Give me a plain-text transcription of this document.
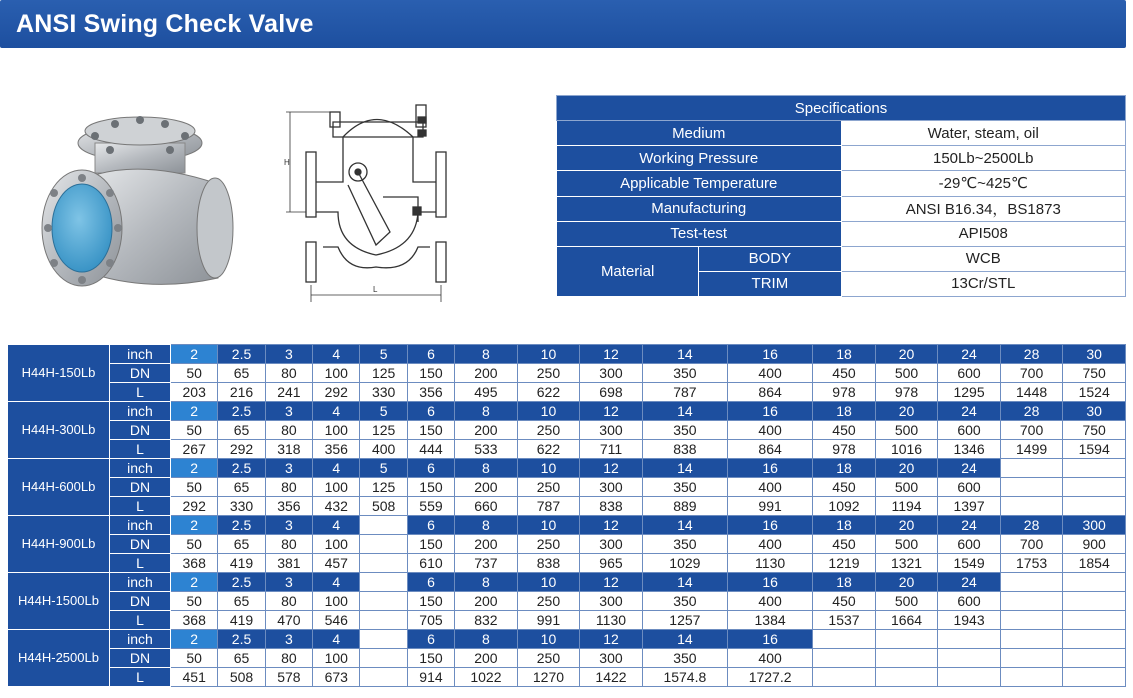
ANSI Swing Check Valve
H
L
Specifications		
Medium		Water, steam, oil
Working Pressure		150Lb~2500Lb
Applicable Temperature		-29℃~425℃
Manufacturing		ANSI B16.34，BS1873
Test-test		API508
Material	BODY	WCB
	TRIM	13Cr/STL
H44H-150Lb	inch	2	2.5	3	4	5	6	8	10	12	14	16	18	20	24	28	30
	DN	50	65	80	100	125	150	200	250	300	350	400	450	500	600	700	750
	L	203	216	241	292	330	356	495	622	698	787	864	978	978	1295	1448	1524
H44H-300Lb	inch	2	2.5	3	4	5	6	8	10	12	14	16	18	20	24	28	30
	DN	50	65	80	100	125	150	200	250	300	350	400	450	500	600	700	750
	L	267	292	318	356	400	444	533	622	711	838	864	978	1016	1346	1499	1594
H44H-600Lb	inch	2	2.5	3	4	5	6	8	10	12	14	16	18	20	24		
	DN	50	65	80	100	125	150	200	250	300	350	400	450	500	600		
	L	292	330	356	432	508	559	660	787	838	889	991	1092	1194	1397		
H44H-900Lb	inch	2	2.5	3	4		6	8	10	12	14	16	18	20	24	28	300
	DN	50	65	80	100		150	200	250	300	350	400	450	500	600	700	900
	L	368	419	381	457		610	737	838	965	1029	1130	1219	1321	1549	1753	1854
H44H-1500Lb	inch	2	2.5	3	4		6	8	10	12	14	16	18	20	24		
	DN	50	65	80	100		150	200	250	300	350	400	450	500	600		
	L	368	419	470	546		705	832	991	1130	1257	1384	1537	1664	1943		
H44H-2500Lb	inch	2	2.5	3	4		6	8	10	12	14	16					
	DN	50	65	80	100		150	200	250	300	350	400					
	L	451	508	578	673		914	1022	1270	1422	1574.8	1727.2					
